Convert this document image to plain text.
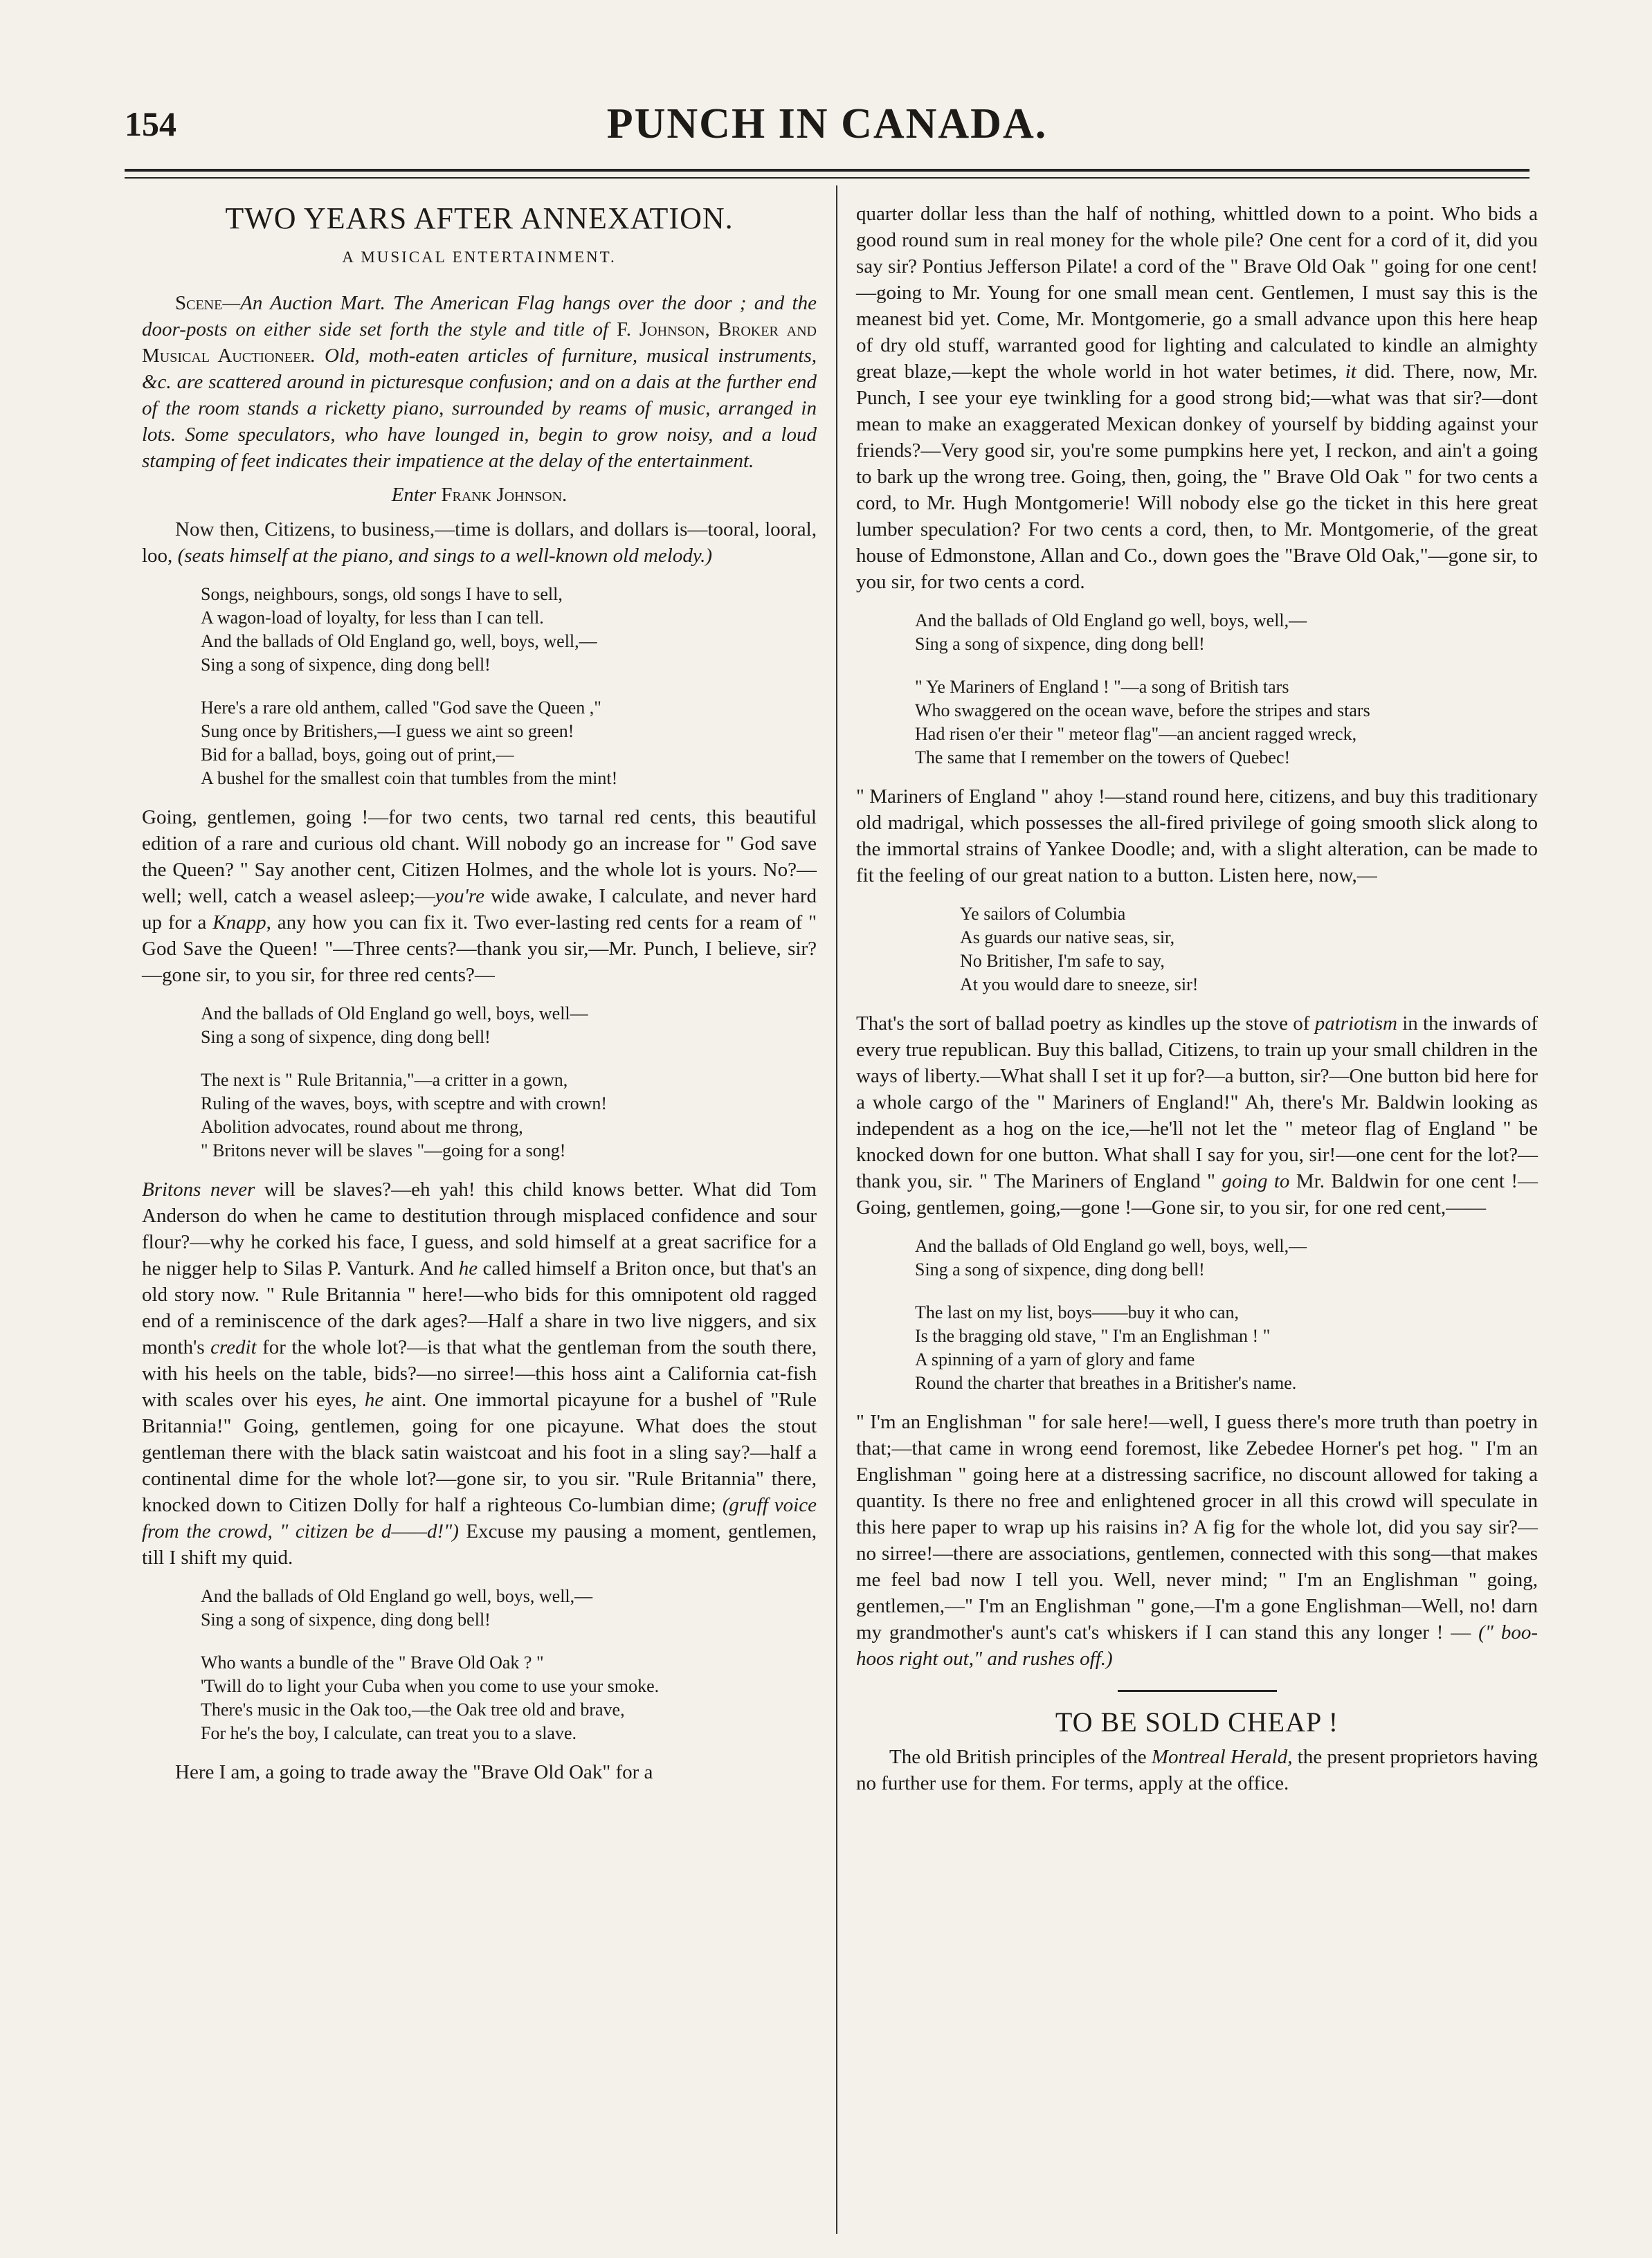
154	PUNCH IN CANADA.
TWO YEARS AFTER ANNEXATION.
A MUSICAL ENTERTAINMENT.

Scene—An Auction Mart. The American Flag hangs over the door ; and the door-posts on either side set forth the style and title of F. Johnson, Broker and Musical Auctioneer. Old, moth-eaten articles of furniture, musical instruments, &c. are scattered around in picturesque confusion; and on a dais at the further end of the room stands a ricketty piano, surrounded by reams of music, arranged in lots. Some speculators, who have lounged in, begin to grow noisy, and a loud stamping of feet indicates their impatience at the delay of the entertainment.

Enter Frank Johnson.

Now then, Citizens, to business,—time is dollars, and dollars is—tooral, looral, loo, (seats himself at the piano, and sings to a well-known old melody.)

Songs, neighbours, songs, old songs I have to sell,
A wagon-load of loyalty, for less than I can tell.
And the ballads of Old England go, well, boys, well,—
Sing a song of sixpence, ding dong bell!
Here's a rare old anthem, called "God save the Queen ,"
Sung once by Britishers,—I guess we aint so green!
Bid for a ballad, boys, going out of print,—
A bushel for the smallest coin that tumbles from the mint!

Going, gentlemen, going !—for two cents, two tarnal red cents, this beautiful edition of a rare and curious old chant. Will nobody go an increase for " God save the Queen? " Say another cent, Citizen Holmes, and the whole lot is yours. No?—well; well, catch a weasel asleep;—you're wide awake, I calculate, and never hard up for a Knapp, any how you can fix it. Two ever-lasting red cents for a ream of " God Save the Queen! "—Three cents?—thank you sir,—Mr. Punch, I believe, sir?—gone sir, to you sir, for three red cents?—

And the ballads of Old England go well, boys, well—
Sing a song of sixpence, ding dong bell!
The next is " Rule Britannia,"—a critter in a gown,
Ruling of the waves, boys, with sceptre and with crown!
Abolition advocates, round about me throng,
" Britons never will be slaves "—going for a song!

Britons never will be slaves?—eh yah! this child knows better. What did Tom Anderson do when he came to destitution through misplaced confidence and sour flour?—why he corked his face, I guess, and sold himself at a great sacrifice for a he nigger help to Silas P. Vanturk. And he called himself a Briton once, but that's an old story now. " Rule Britannia " here!—who bids for this omnipotent old ragged end of a reminiscence of the dark ages?—Half a share in two live niggers, and six month's credit for the whole lot?—is that what the gentleman from the south there, with his heels on the table, bids?—no sirree!—this hoss aint a California cat-fish with scales over his eyes, he aint. One immortal picayune for a bushel of "Rule Britannia!" Going, gentlemen, going for one picayune. What does the stout gentleman there with the black satin waistcoat and his foot in a sling say?—half a continental dime for the whole lot?—gone sir, to you sir. "Rule Britannia" there, knocked down to Citizen Dolly for half a righteous Co-lumbian dime; (gruff voice from the crowd, " citizen be d——d!") Excuse my pausing a moment, gentlemen, till I shift my quid.

And the ballads of Old England go well, boys, well,—
Sing a song of sixpence, ding dong bell!
Who wants a bundle of the " Brave Old Oak ? "
'Twill do to light your Cuba when you come to use your smoke.
There's music in the Oak too,—the Oak tree old and brave,
For he's the boy, I calculate, can treat you to a slave.

Here I am, a going to trade away the "Brave Old Oak" for a

quarter dollar less than the half of nothing, whittled down to a point. Who bids a good round sum in real money for the whole pile? One cent for a cord of it, did you say sir? Pontius Jefferson Pilate! a cord of the " Brave Old Oak " going for one cent!—going to Mr. Young for one small mean cent. Gentlemen, I must say this is the meanest bid yet. Come, Mr. Montgomerie, go a small advance upon this here heap of dry old stuff, warranted good for lighting and calculated to kindle an almighty great blaze,—kept the whole world in hot water betimes, it did. There, now, Mr. Punch, I see your eye twinkling for a good strong bid;—what was that sir?—dont mean to make an exaggerated Mexican donkey of yourself by bidding against your friends?—Very good sir, you're some pumpkins here yet, I reckon, and ain't a going to bark up the wrong tree. Going, then, going, the " Brave Old Oak " for two cents a cord, to Mr. Hugh Montgomerie! Will nobody else go the ticket in this here great lumber speculation? For two cents a cord, then, to Mr. Montgomerie, of the great house of Edmonstone, Allan and Co., down goes the "Brave Old Oak,"—gone sir, to you sir, for two cents a cord.

And the ballads of Old England go well, boys, well,—
Sing a song of sixpence, ding dong bell!
" Ye Mariners of England ! "—a song of British tars
Who swaggered on the ocean wave, before the stripes and stars
Had risen o'er their " meteor flag"—an ancient ragged wreck,
The same that I remember on the towers of Quebec!

" Mariners of England " ahoy !—stand round here, citizens, and buy this traditionary old madrigal, which possesses the all-fired privilege of going smooth slick along to the immortal strains of Yankee Doodle; and, with a slight alteration, can be made to fit the feeling of our great nation to a button. Listen here, now,—

Ye sailors of Columbia
As guards our native seas, sir,
No Britisher, I'm safe to say,
At you would dare to sneeze, sir!

That's the sort of ballad poetry as kindles up the stove of patriotism in the inwards of every true republican. Buy this ballad, Citizens, to train up your small children in the ways of liberty.—What shall I set it up for?—a button, sir?—One button bid here for a whole cargo of the " Mariners of England!" Ah, there's Mr. Baldwin looking as independent as a hog on the ice,—he'll not let the " meteor flag of England " be knocked down for one button. What shall I say for you, sir!—one cent for the lot?—thank you, sir. " The Mariners of England " going to Mr. Baldwin for one cent !—Going, gentlemen, going,—gone !—Gone sir, to you sir, for one red cent,——

And the ballads of Old England go well, boys, well,—
Sing a song of sixpence, ding dong bell!
The last on my list, boys——buy it who can,
Is the bragging old stave, " I'm an Englishman ! "
A spinning of a yarn of glory and fame
Round the charter that breathes in a Britisher's name.

" I'm an Englishman " for sale here!—well, I guess there's more truth than poetry in that;—that came in wrong eend foremost, like Zebedee Horner's pet hog. " I'm an Englishman " going here at a distressing sacrifice, no discount allowed for taking a quantity. Is there no free and enlightened grocer in all this crowd will speculate in this here paper to wrap up his raisins in? A fig for the whole lot, did you say sir?—no sirree!—there are associations, gentlemen, connected with this song—that makes me feel bad now I tell you. Well, never mind; " I'm an Englishman " going, gentlemen,—" I'm an Englishman " gone,—I'm a gone Englishman—Well, no! darn my grandmother's aunt's cat's whiskers if I can stand this any longer ! — (" boo-hoos right out," and rushes off.)

TO BE SOLD CHEAP !

The old British principles of the Montreal Herald, the present proprietors having no further use for them. For terms, apply at the office.
